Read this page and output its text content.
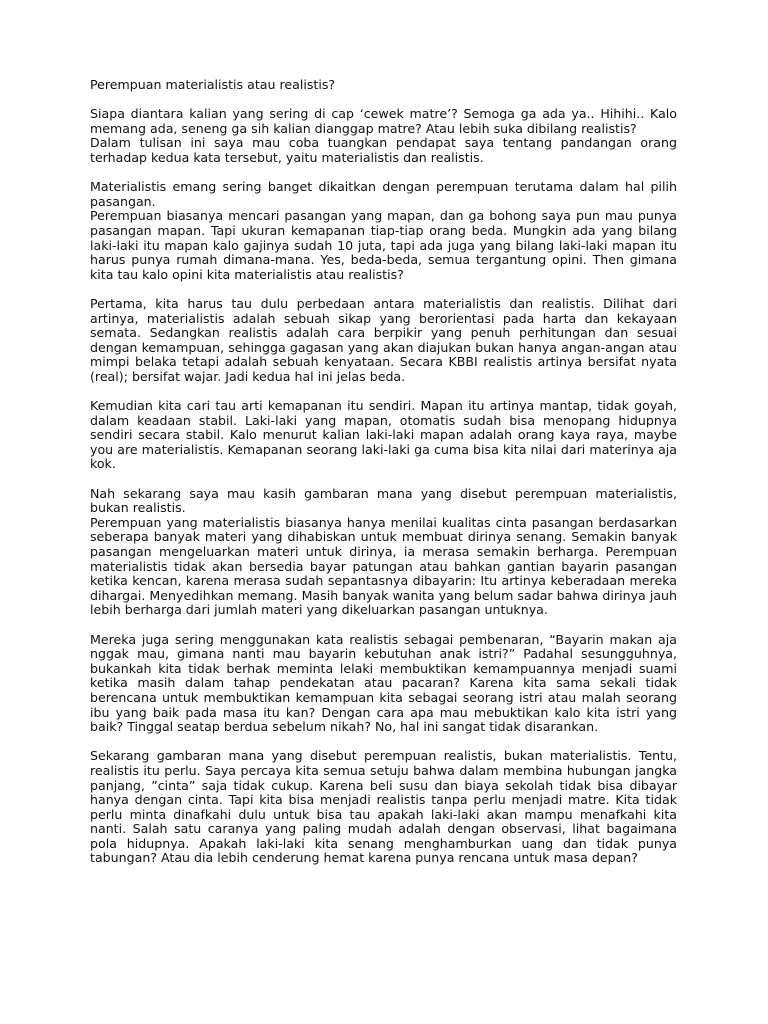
Perempuan materialistis atau realistis?

Siapa diantara kalian yang sering di cap ‘cewek matre’? Semoga ga ada ya.. Hihihi.. Kalo memang ada, seneng ga sih kalian dianggap matre? Atau lebih suka dibilang realistis?

Dalam tulisan ini saya mau coba tuangkan pendapat saya tentang pandangan orang terhadap kedua kata tersebut, yaitu materialistis dan realistis.

Materialistis emang sering banget dikaitkan dengan perempuan terutama dalam hal pilih pasangan.

Perempuan biasanya mencari pasangan yang mapan, dan ga bohong saya pun mau punya pasangan mapan. Tapi ukuran kemapanan tiap-tiap orang beda. Mungkin ada yang bilang laki-laki itu mapan kalo gajinya sudah 10 juta, tapi ada juga yang bilang laki-laki mapan itu harus punya rumah dimana-mana. Yes, beda-beda, semua tergantung opini. Then gimana kita tau kalo opini kita materialistis atau realistis?

Pertama, kita harus tau dulu perbedaan antara materialistis dan realistis. Dilihat dari artinya, materialistis adalah sebuah sikap yang berorientasi pada harta dan kekayaan semata. Sedangkan realistis adalah cara berpikir yang penuh perhitungan dan sesuai dengan kemampuan, sehingga gagasan yang akan diajukan bukan hanya angan-angan atau mimpi belaka tetapi adalah sebuah kenyataan. Secara KBBI realistis artinya bersifat nyata (real); bersifat wajar. Jadi kedua hal ini jelas beda.

Kemudian kita cari tau arti kemapanan itu sendiri. Mapan itu artinya mantap, tidak goyah, dalam keadaan stabil. Laki-laki yang mapan, otomatis sudah bisa menopang hidupnya sendiri secara stabil. Kalo menurut kalian laki-laki mapan adalah orang kaya raya, maybe you are materialistis. Kemapanan seorang laki-laki ga cuma bisa kita nilai dari materinya aja kok.

Nah sekarang saya mau kasih gambaran mana yang disebut perempuan materialistis, bukan realistis.

Perempuan yang materialistis biasanya hanya menilai kualitas cinta pasangan berdasarkan seberapa banyak materi yang dihabiskan untuk membuat dirinya senang. Semakin banyak pasangan mengeluarkan materi untuk dirinya, ia merasa semakin berharga. Perempuan materialistis tidak akan bersedia bayar patungan atau bahkan gantian bayarin pasangan ketika kencan, karena merasa sudah sepantasnya dibayarin: Itu artinya keberadaan mereka dihargai. Menyedihkan memang. Masih banyak wanita yang belum sadar bahwa dirinya jauh lebih berharga dari jumlah materi yang dikeluarkan pasangan untuknya.

Mereka juga sering menggunakan kata realistis sebagai pembenaran, “Bayarin makan aja nggak mau, gimana nanti mau bayarin kebutuhan anak istri?” Padahal sesungguhnya, bukankah kita tidak berhak meminta lelaki membuktikan kemampuannya menjadi suami ketika masih dalam tahap pendekatan atau pacaran? Karena kita sama sekali tidak berencana untuk membuktikan kemampuan kita sebagai seorang istri atau malah seorang ibu yang baik pada masa itu kan? Dengan cara apa mau mebuktikan kalo kita istri yang baik? Tinggal seatap berdua sebelum nikah? No, hal ini sangat tidak disarankan.

Sekarang gambaran mana yang disebut perempuan realistis, bukan materialistis. Tentu, realistis itu perlu. Saya percaya kita semua setuju bahwa dalam membina hubungan jangka panjang, ”cinta” saja tidak cukup. Karena beli susu dan biaya sekolah tidak bisa dibayar hanya dengan cinta. Tapi kita bisa menjadi realistis tanpa perlu menjadi matre. Kita tidak perlu minta dinafkahi dulu untuk bisa tau apakah laki-laki akan mampu menafkahi kita nanti. Salah satu caranya yang paling mudah adalah dengan observasi, lihat bagaimana pola hidupnya. Apakah laki-laki kita senang menghamburkan uang dan tidak punya tabungan? Atau dia lebih cenderung hemat karena punya rencana untuk masa depan?
